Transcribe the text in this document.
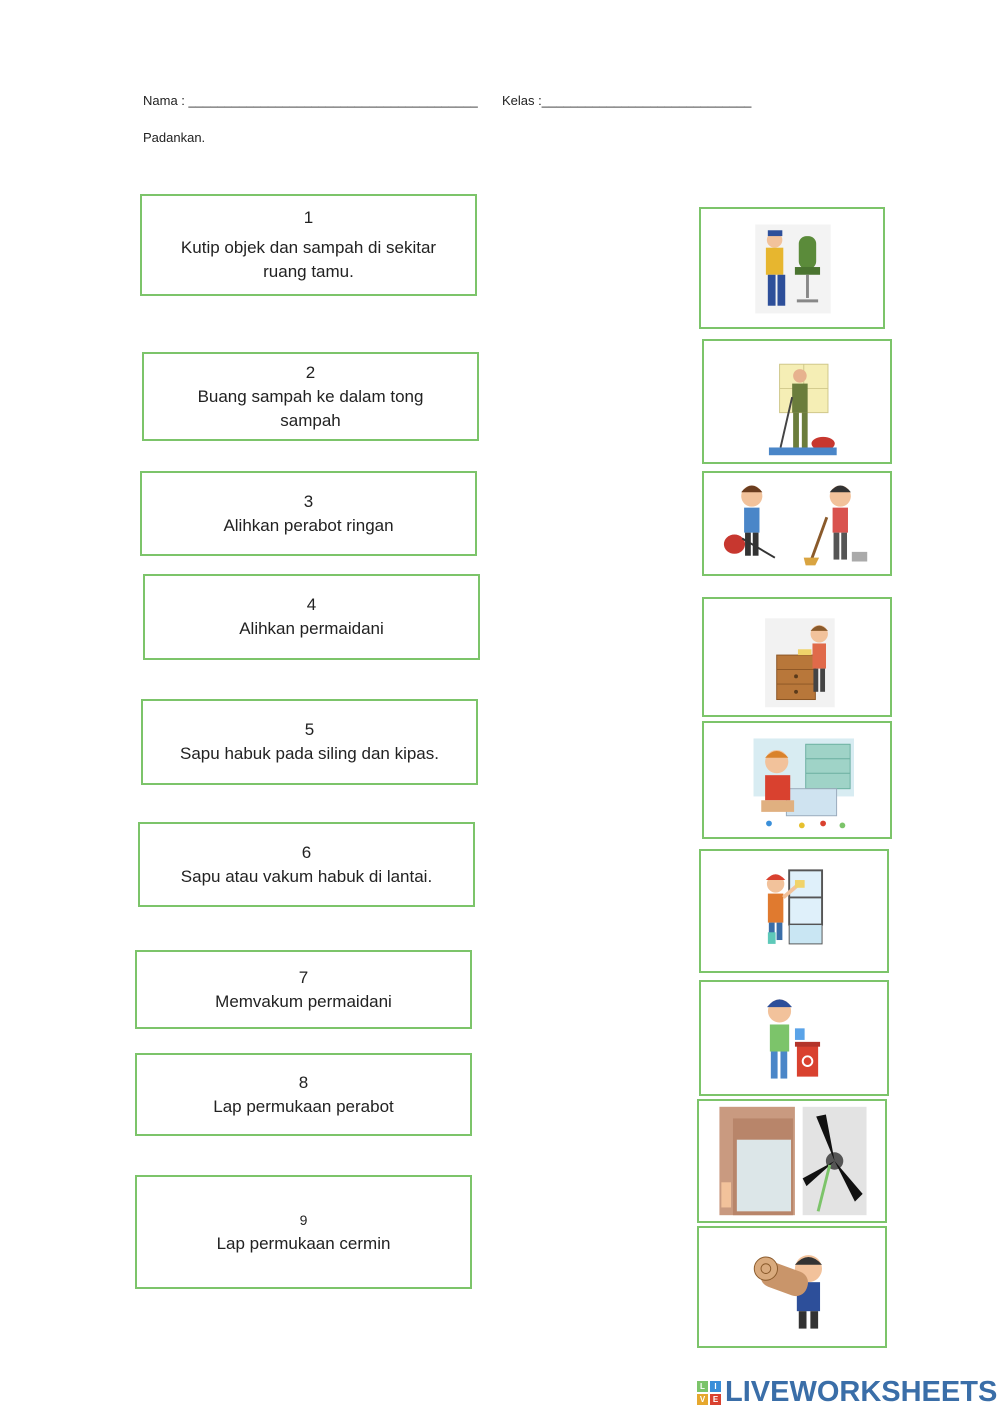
Nama : ________________________________________ Kelas :_____________________________
Padankan.
1
Kutip objek dan sampah di sekitar ruang tamu.
2
Buang sampah ke dalam tong sampah
3
Alihkan perabot ringan
4
Alihkan permaidani
5
Sapu habuk pada siling dan kipas.
6
Sapu atau vakum habuk di lantai.
7
Memvakum permaidani
8
Lap permukaan perabot
9
Lap permukaan cermin
L	I
V E LIVEWORKSHEETS
